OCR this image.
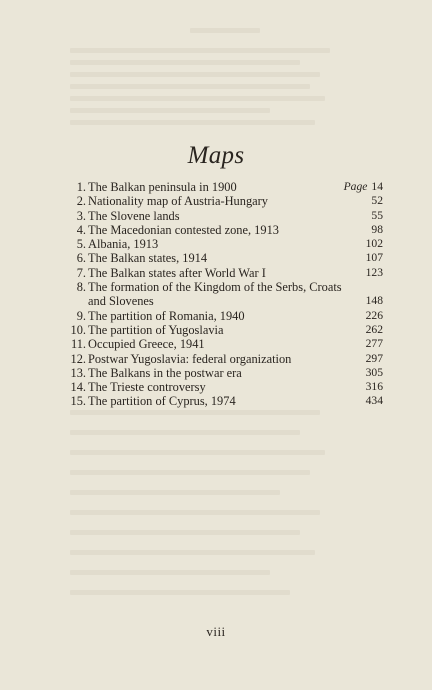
Maps
1. The Balkan peninsula in 1900	Page 14
2. Nationality map of Austria-Hungary	52
3. The Slovene lands	55
4. The Macedonian contested zone, 1913	98
5. Albania, 1913	102
6. The Balkan states, 1914	107
7. The Balkan states after World War I	123
8. The formation of the Kingdom of the Serbs, Croats and Slovenes	148
9. The partition of Romania, 1940	226
10. The partition of Yugoslavia	262
11. Occupied Greece, 1941	277
12. Postwar Yugoslavia: federal organization	297
13. The Balkans in the postwar era	305
14. The Trieste controversy	316
15. The partition of Cyprus, 1974	434
viii
